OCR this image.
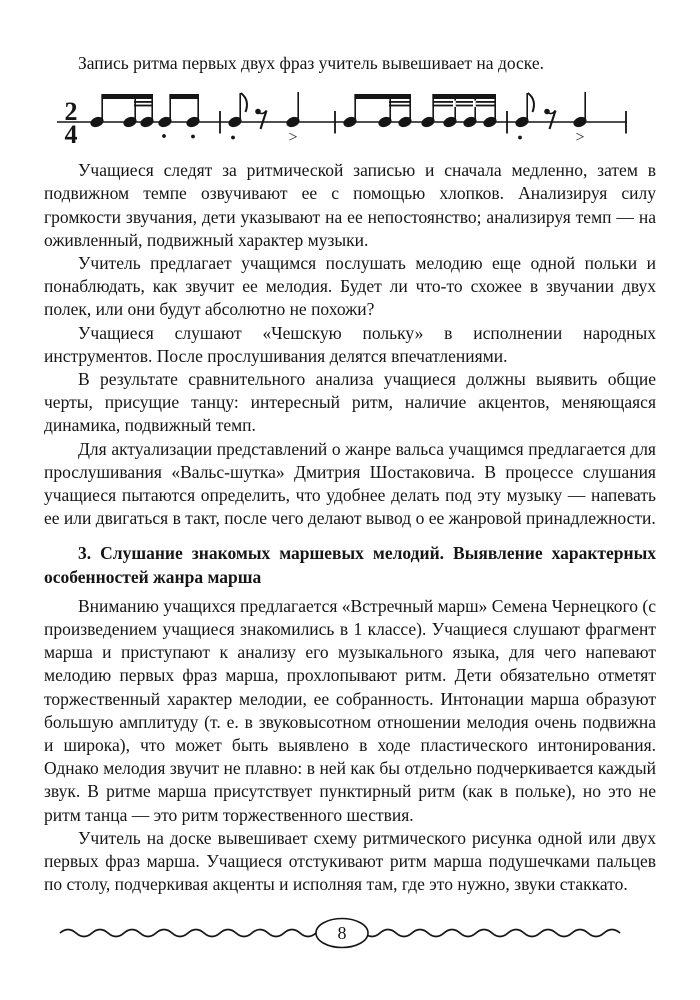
Запись ритма первых двух фраз учитель вывешивает на доске.

2
4	>	>

Учащиеся следят за ритмической записью и сначала медленно, затем в подвижном темпе озвучивают ее с помощью хлопков. Анализируя силу громкости звучания, дети указывают на ее непостоянство; анализируя темп — на оживленный, подвижный характер музыки.

Учитель предлагает учащимся послушать мелодию еще одной польки и понаблюдать, как звучит ее мелодия. Будет ли что-то схожее в звучании двух полек, или они будут абсолютно не похожи?

Учащиеся слушают «Чешскую польку» в исполнении народных инструментов. После прослушивания делятся впечатлениями.

В результате сравнительного анализа учащиеся должны выявить общие черты, присущие танцу: интересный ритм, наличие акцентов, меняющаяся динамика, подвижный темп.

Для актуализации представлений о жанре вальса учащимся предлагается для прослушивания «Вальс-шутка» Дмитрия Шостаковича. В процессе слушания учащиеся пытаются определить, что удобнее делать под эту музыку — напевать ее или двигаться в такт, после чего делают вывод о ее жанровой принадлежности.

3. Слушание знакомых маршевых мелодий. Выявление характерных особенностей жанра марша

Вниманию учащихся предлагается «Встречный марш» Семена Чернецкого (с произведением учащиеся знакомились в 1 классе). Учащиеся слушают фрагмент марша и приступают к анализу его музыкального языка, для чего напевают мелодию первых фраз марша, прохлопывают ритм. Дети обязательно отметят торжественный характер мелодии, ее собранность. Интонации марша образуют большую амплитуду (т. е. в звуковысотном отношении мелодия очень подвижна и широка), что может быть выявлено в ходе пластического интонирования. Однако мелодия звучит не плавно: в ней как бы отдельно подчеркивается каждый звук. В ритме марша присутствует пунктирный ритм (как в польке), но это не ритм танца — это ритм торжественного шествия.

Учитель на доске вывешивает схему ритмического рисунка одной или двух первых фраз марша. Учащиеся отстукивают ритм марша подушечками пальцев по столу, подчеркивая акценты и исполняя там, где это нужно, звуки стаккато.

8
